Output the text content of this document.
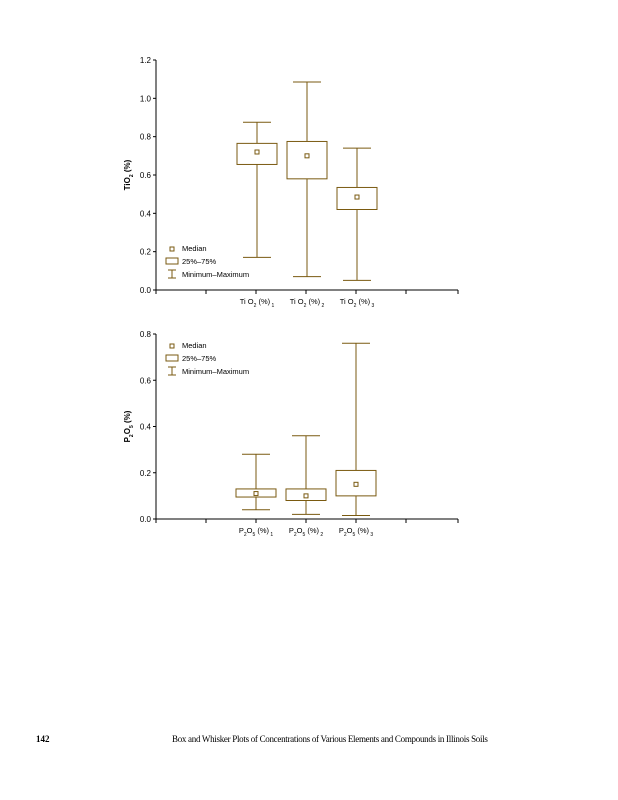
0.0
0.2
0.4
0.6
0.8
1.0
1.2
TiO$_2$ (%)
Ti $O_2$ (%) $_1$ Ti $O_2$ (%) $_2$ Ti $O_2$ (%) $_3$
Median
25%–75%
Minimum–Maximum
0.0
0.2
0.4
0.6
0.8
$P_2O_5$ (%)
$P_2O_5$ (%) $_1$ $P_2O_5$ (%) $_2$ $P_2O_5$ (%) $_3$
Median
25%–75%
Minimum–Maximum
142	Box and Whisker Plots of Concentrations of Various Elements and Compounds in Illinois Soils
